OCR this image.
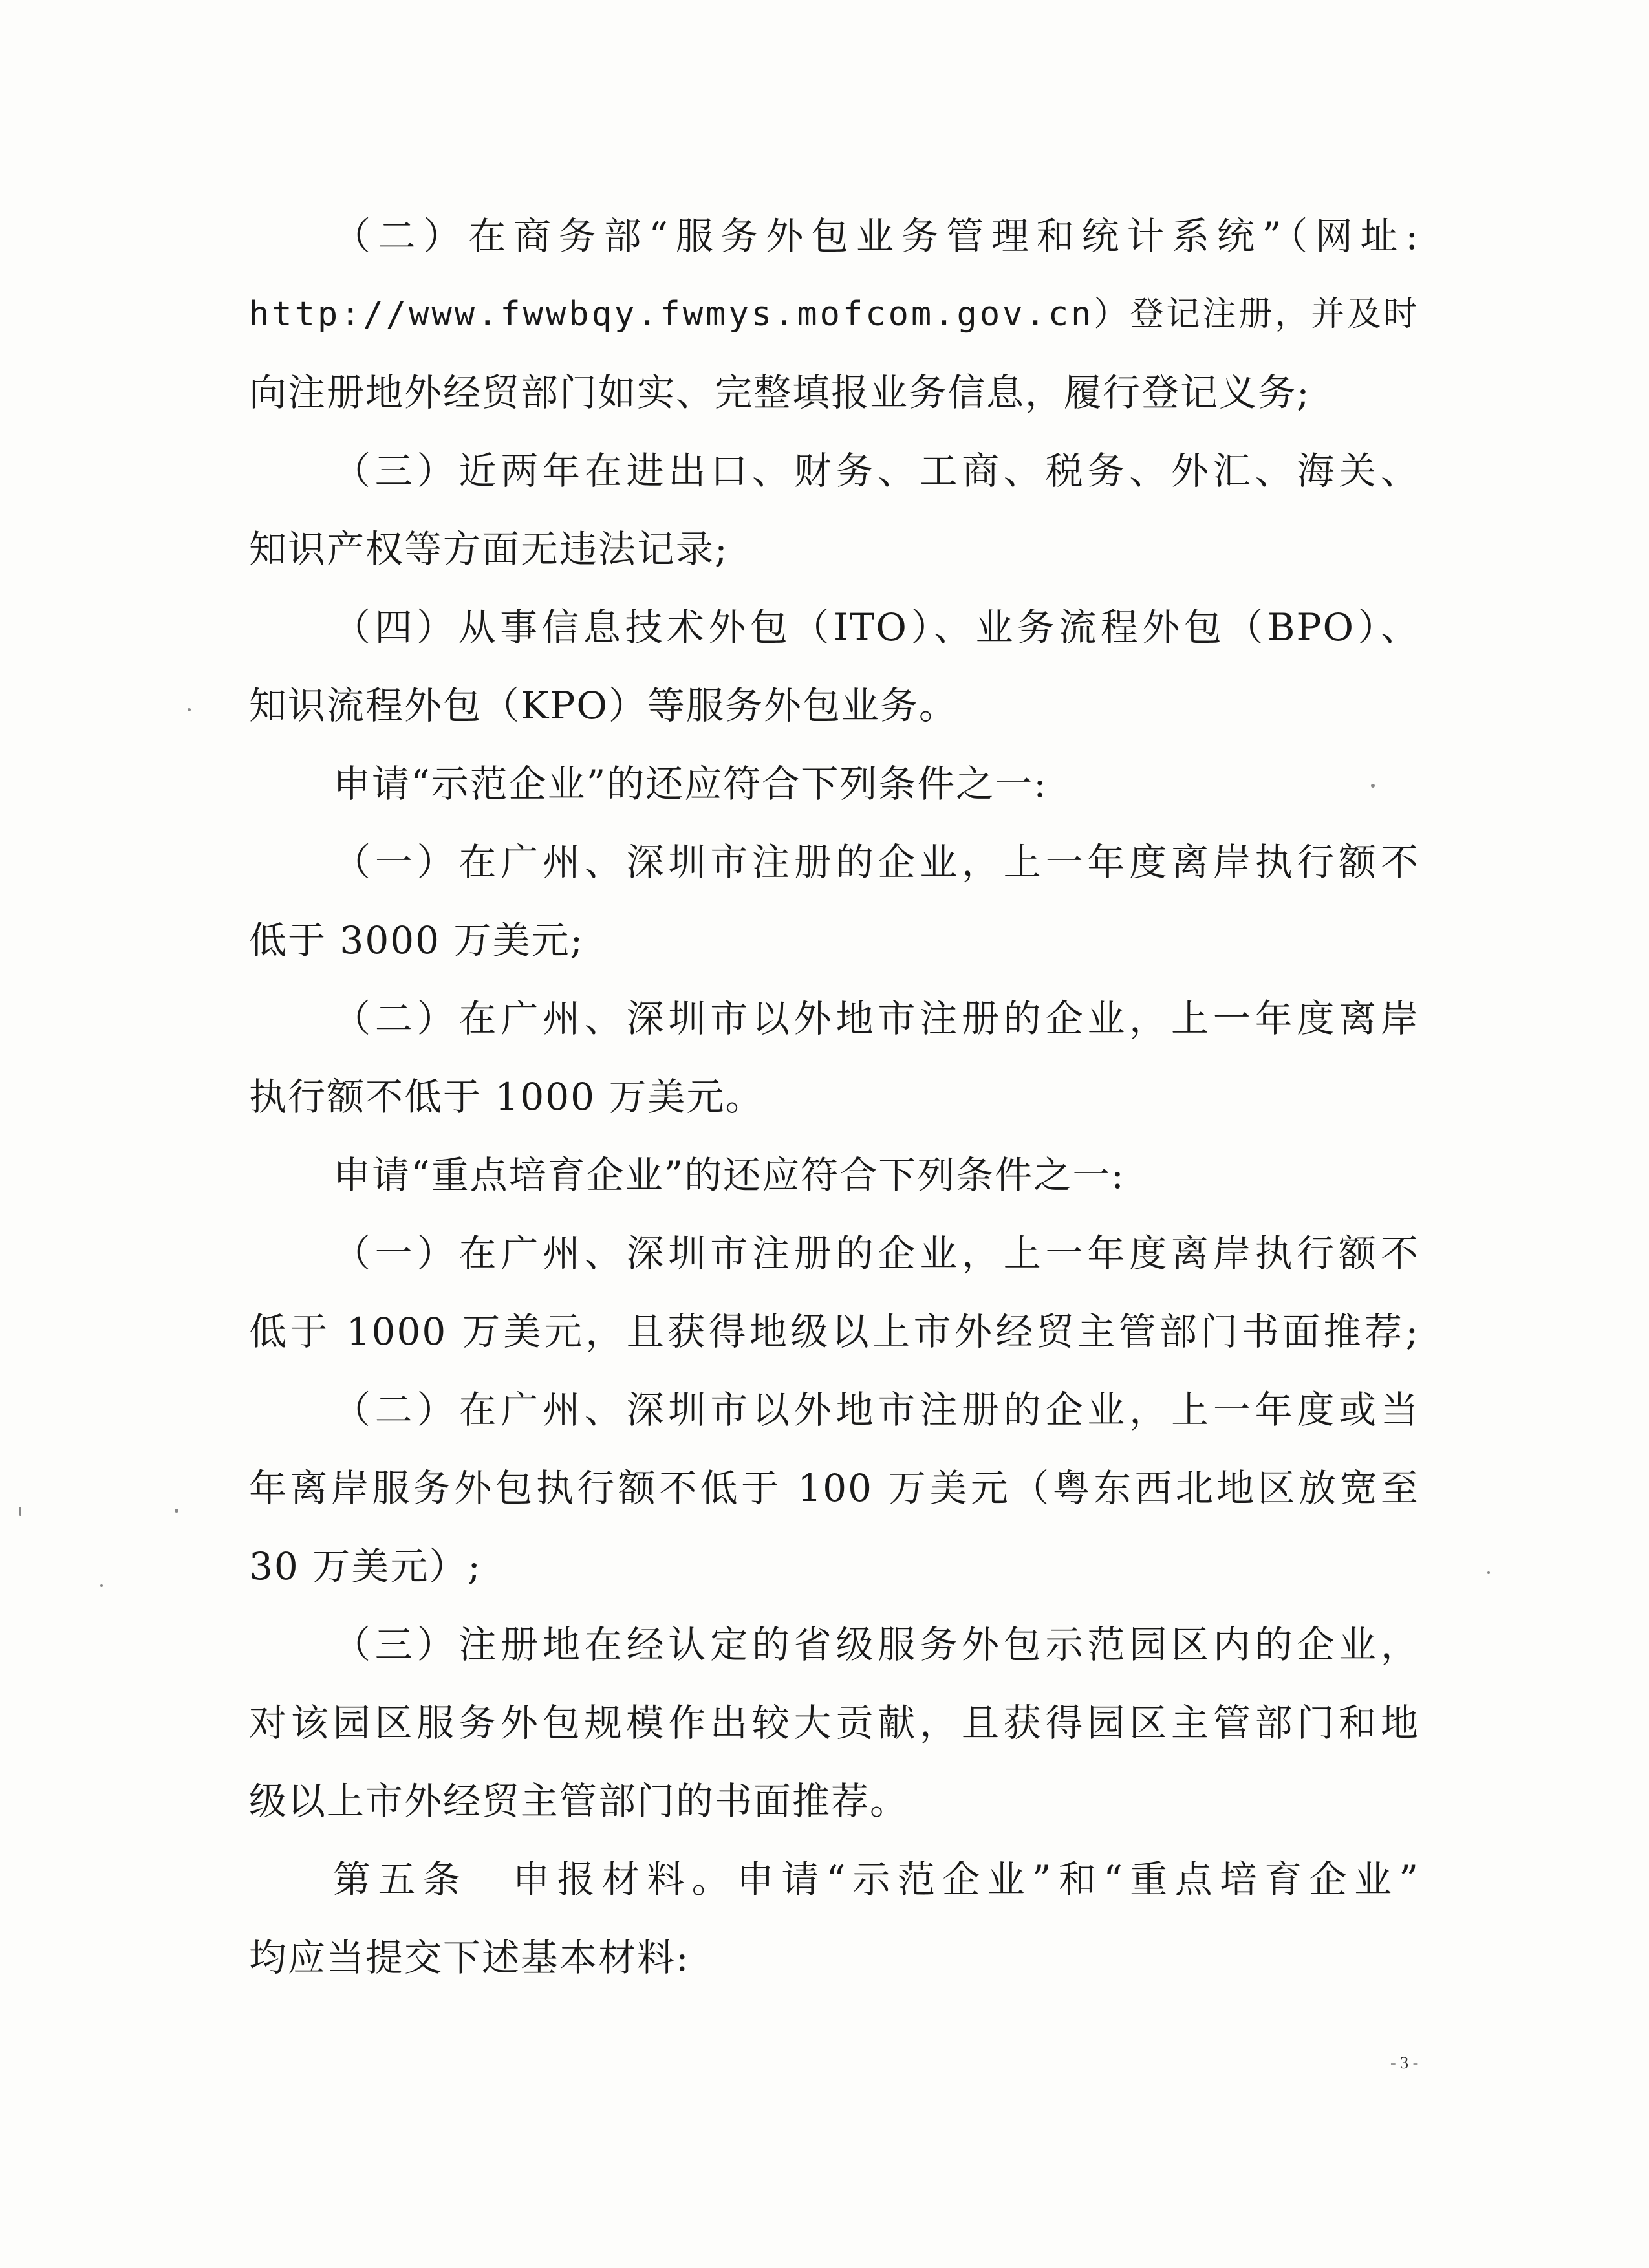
（二）在商务部“服务外包业务管理和统计系统”（网址:
http://www.fwwbqy.fwmys.mofcom.gov.cn）登记注册，并及时
向注册地外经贸部门如实、完整填报业务信息，履行登记义务;
（三）近两年在进出口、财务、工商、税务、外汇、海关、
知识产权等方面无违法记录;
（四）从事信息技术外包（ITO）、业务流程外包（BPO）、
知识流程外包（KPO）等服务外包业务。
申请“示范企业”的还应符合下列条件之一:
（一）在广州、深圳市注册的企业，上一年度离岸执行额不
低于 3000 万美元;
（二）在广州、深圳市以外地市注册的企业，上一年度离岸
执行额不低于 1000 万美元。
申请“重点培育企业”的还应符合下列条件之一:
（一）在广州、深圳市注册的企业，上一年度离岸执行额不
低于 1000 万美元，且获得地级以上市外经贸主管部门书面推荐;
（二）在广州、深圳市以外地市注册的企业，上一年度或当
年离岸服务外包执行额不低于 100 万美元（粤东西北地区放宽至
30 万美元）;
（三）注册地在经认定的省级服务外包示范园区内的企业，
对该园区服务外包规模作出较大贡献，且获得园区主管部门和地
级以上市外经贸主管部门的书面推荐。
第五条　申报材料。申请“示范企业”和“重点培育企业”
均应当提交下述基本材料:
- 3 -
